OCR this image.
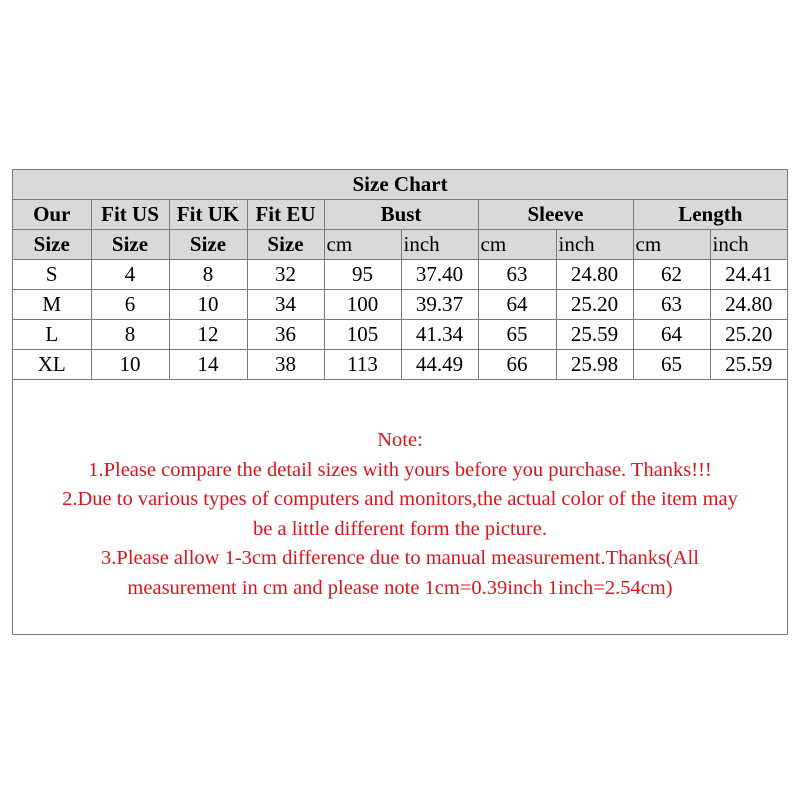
Size Chart									
Our	Fit US	Fit UK	Fit EU	Bust		Sleeve		Length	
Size	Size	Size	Size	cm	inch	cm	inch	cm	inch
S	4	8	32	95	37.40	63	24.80	62	24.41
M	6	10	34	100	39.37	64	25.20	63	24.80
L	8	12	36	105	41.34	65	25.59	64	25.20
XL	10	14	38	113	44.49	66	25.98	65	25.59
Note:
1.Please compare the detail sizes with yours before you purchase. Thanks!!!
2.Due to various types of computers and monitors,the actual color of the item may
be a little different form the picture.
3.Please allow 1-3cm difference due to manual measurement.Thanks(All
measurement in cm and please note 1cm=0.39inch 1inch=2.54cm)
